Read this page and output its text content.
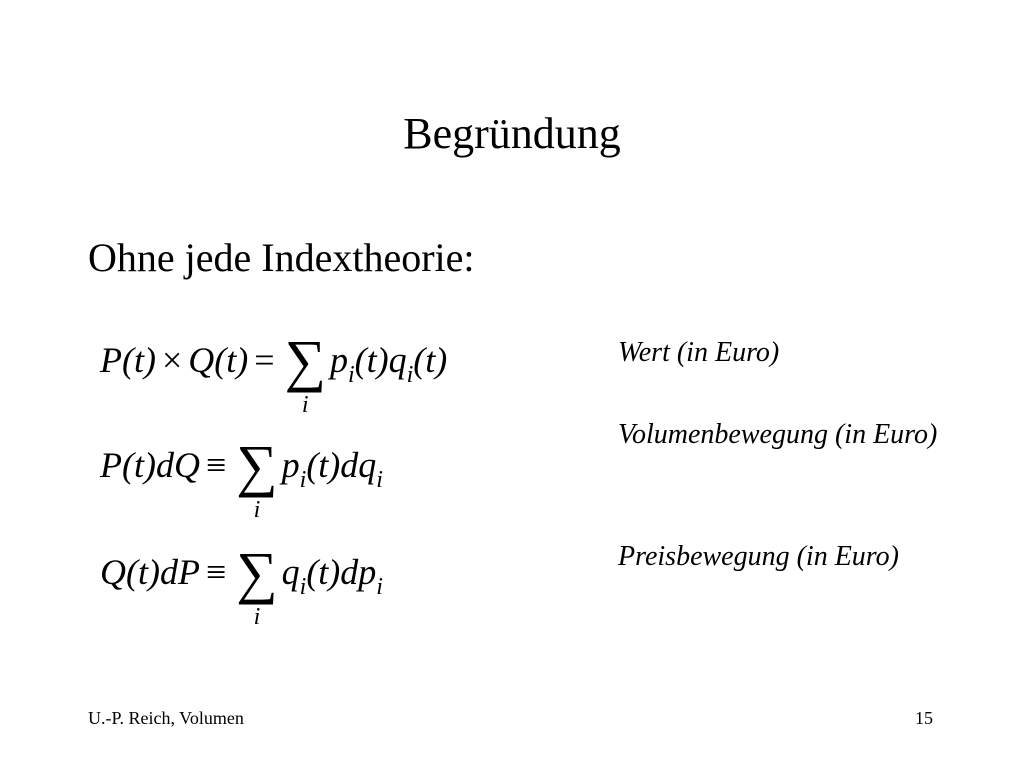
Begründung
Ohne jede Indextheorie:
P(t) × Q(t) = ∑
i
$p_i(t)q_i(t)$	Wert (in Euro)
P(t)dQ ≡ ∑
i
$p_i(t)dq_i$
Volumenbewegung (in Euro)
Q(t)dP ≡ ∑
i
$q_i(t)dp_i$
Preisbewegung (in Euro)
U.-P. Reich, Volumen	15
